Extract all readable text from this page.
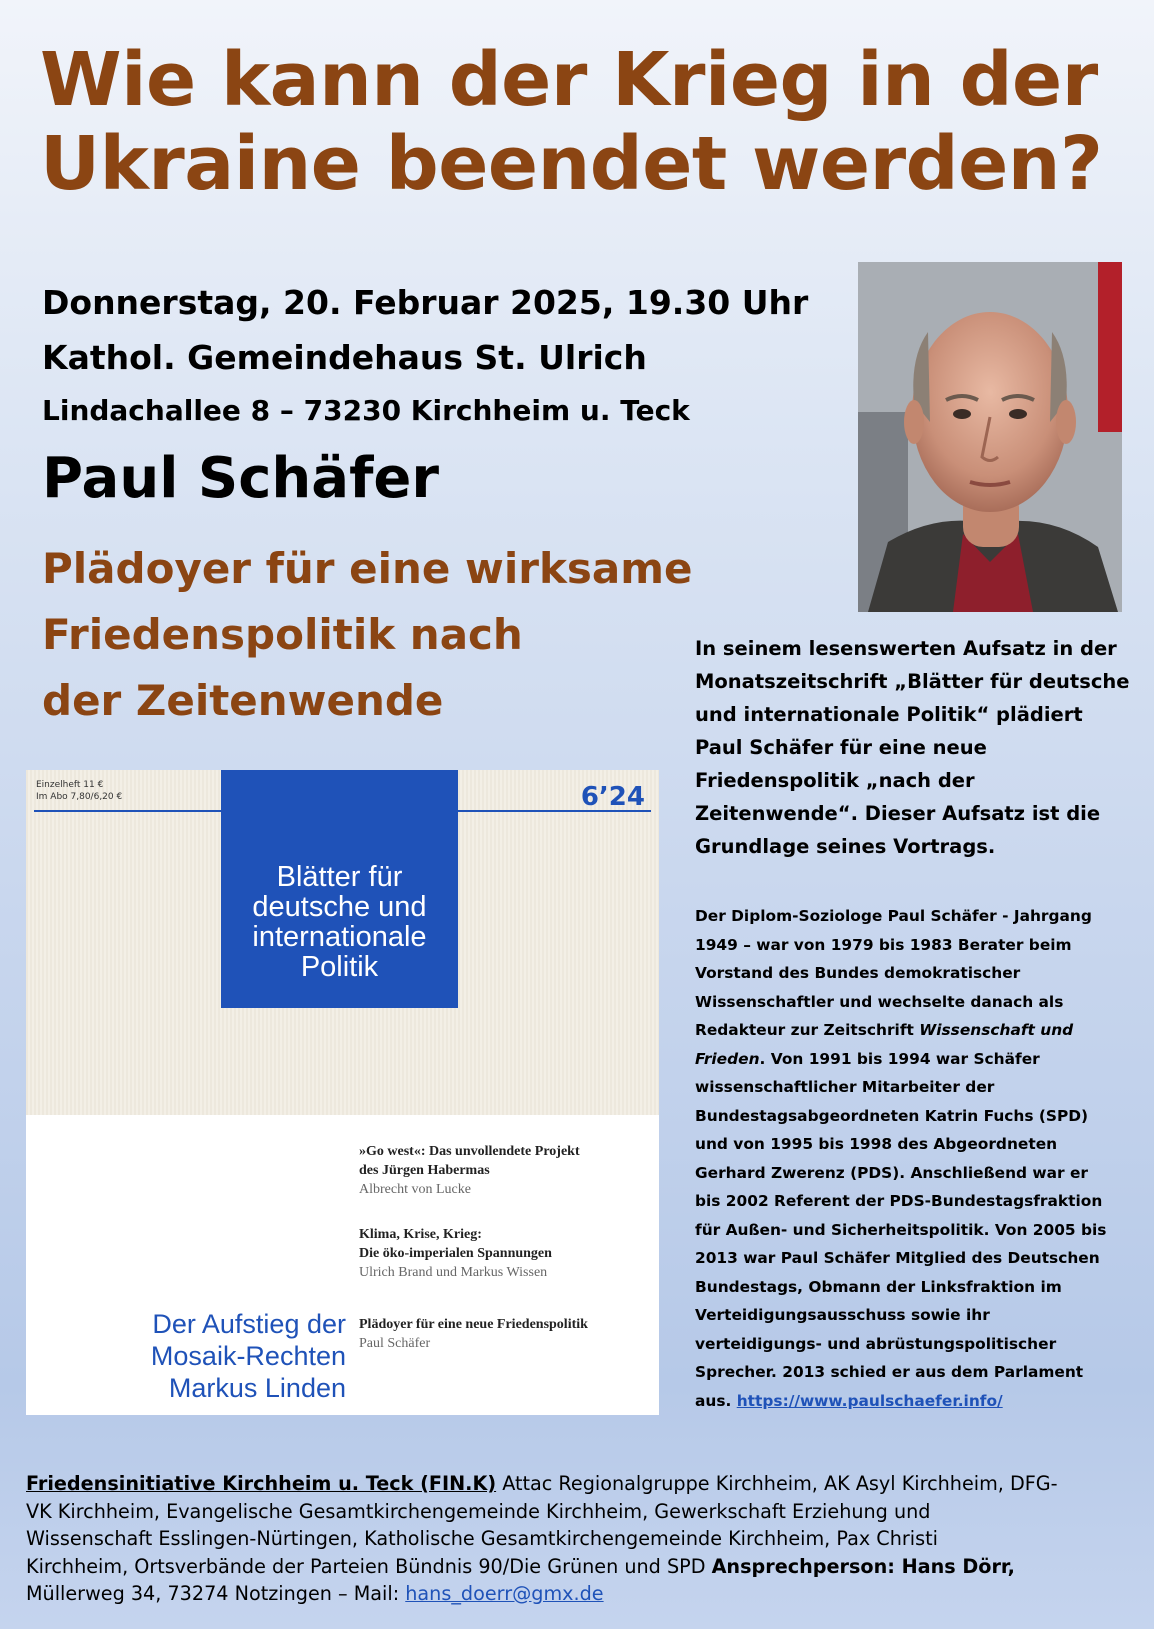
Wie kann der Krieg in der
Ukraine beendet werden?
Donnerstag, 20. Februar 2025, 19.30 Uhr
Kathol. Gemeindehaus St. Ulrich
Lindachallee 8 – 73230 Kirchheim u. Teck
Paul Schäfer
Plädoyer für eine wirksame
Friedenspolitik nach
der Zeitenwende
Einzelheft 11 €
Im Abo 7,80/6,20 €	6’24
Blätter für
deutsche und
internationale
Politik
Der Aufstieg der
Mosaik-Rechten
Markus Linden
»Go west«: Das unvollendete Projekt
des Jürgen Habermas
Albrecht von Lucke
Klima, Krise, Krieg:
Die öko-imperialen Spannungen
Ulrich Brand und Markus Wissen
Plädoyer für eine neue Friedenspolitik
Paul Schäfer
In seinem lesenswerten Aufsatz in der
Monatszeitschrift „Blätter für deutsche
und internationale Politik“ plädiert
Paul Schäfer für eine neue
Friedenspolitik „nach der
Zeitenwende“. Dieser Aufsatz ist die
Grundlage seines Vortrags.
Der Diplom-Soziologe Paul Schäfer - Jahrgang
1949 – war von 1979 bis 1983 Berater beim
Vorstand des Bundes demokratischer
Wissenschaftler und wechselte danach als
Redakteur zur Zeitschrift Wissenschaft und
Frieden. Von 1991 bis 1994 war Schäfer
wissenschaftlicher Mitarbeiter der
Bundestagsabgeordneten Katrin Fuchs (SPD)
und von 1995 bis 1998 des Abgeordneten
Gerhard Zwerenz (PDS). Anschließend war er
bis 2002 Referent der PDS-Bundestagsfraktion
für Außen- und Sicherheitspolitik. Von 2005 bis
2013 war Paul Schäfer Mitglied des Deutschen
Bundestags, Obmann der Linksfraktion im
Verteidigungsausschuss sowie ihr
verteidigungs- und abrüstungspolitischer
Sprecher. 2013 schied er aus dem Parlament
aus. https://www.paulschaefer.info/
Friedensinitiative Kirchheim u. Teck (FIN.K) Attac Regionalgruppe Kirchheim, AK Asyl Kirchheim, DFG-
VK Kirchheim, Evangelische Gesamtkirchengemeinde Kirchheim, Gewerkschaft Erziehung und
Wissenschaft Esslingen-Nürtingen, Katholische Gesamtkirchengemeinde Kirchheim, Pax Christi
Kirchheim, Ortsverbände der Parteien Bündnis 90/Die Grünen und SPD Ansprechperson: Hans Dörr,
Müllerweg 34, 73274 Notzingen – Mail: hans_doerr@gmx.de
